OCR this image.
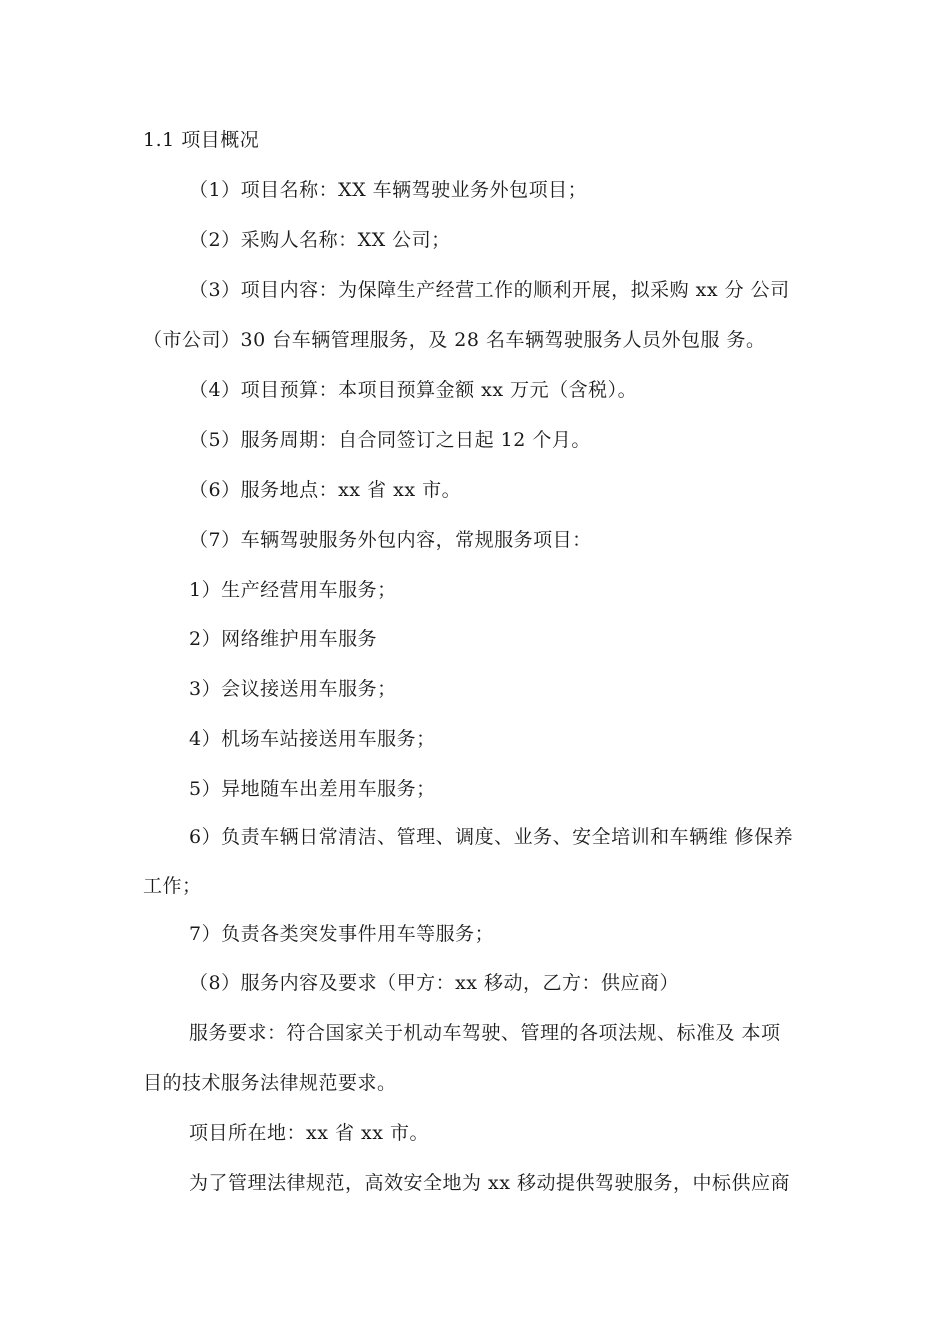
1.1 项目概况
（1）项目名称：XX 车辆驾驶业务外包项目；
（2）采购人名称：XX 公司；
（3）项目内容：为保障生产经营工作的顺利开展，拟采购 xx 分 公司
（市公司）30 台车辆管理服务，及 28 名车辆驾驶服务人员外包服 务。
（4）项目预算：本项目预算金额 xx 万元（含税）。
（5）服务周期：自合同签订之日起 12 个月。
（6）服务地点：xx 省 xx 市。
（7）车辆驾驶服务外包内容，常规服务项目：
1）生产经营用车服务；
2）网络维护用车服务
3）会议接送用车服务；
4）机场车站接送用车服务；
5）异地随车出差用车服务；
6）负责车辆日常清洁、管理、调度、业务、安全培训和车辆维 修保养
工作；
7）负责各类突发事件用车等服务；
（8）服务内容及要求（甲方：xx 移动，乙方：供应商）
服务要求：符合国家关于机动车驾驶、管理的各项法规、标准及 本项
目的技术服务法律规范要求。
项目所在地：xx 省 xx 市。
为了管理法律规范，高效安全地为 xx 移动提供驾驶服务，中标供应商
